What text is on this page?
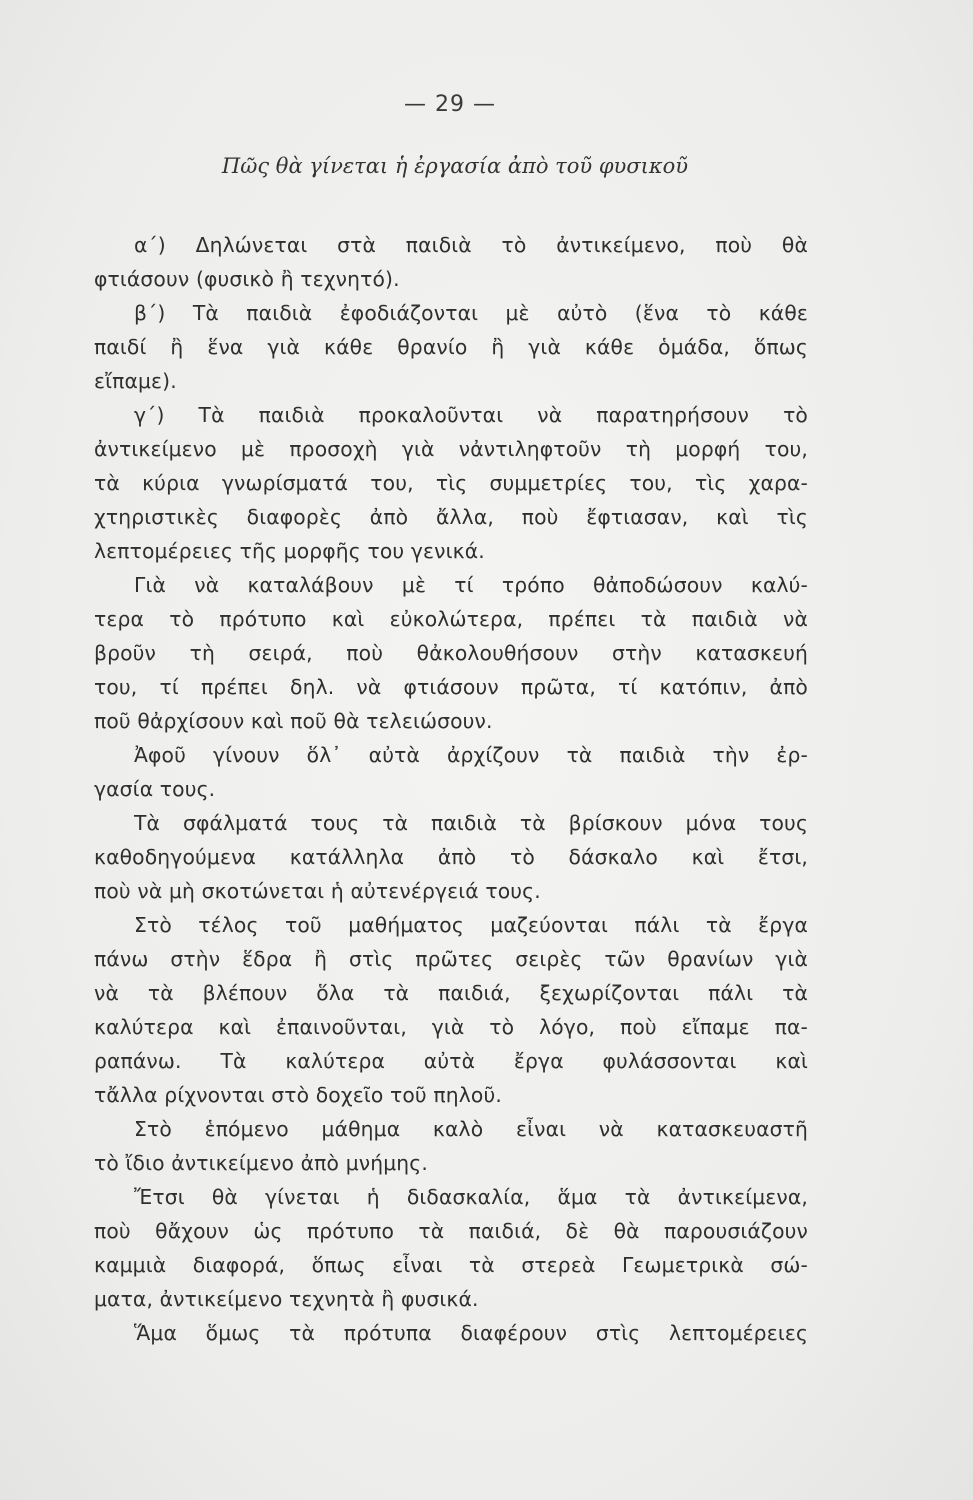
— 29 —
Πῶς θὰ γίνεται ἡ ἐργασία ἀπὸ τοῦ φυσικοῦ
α΄) Δηλώνεται στὰ παιδιὰ τὸ ἀντικείμενο, ποὺ θὰ
φτιάσουν (φυσικὸ ἢ τεχνητό).
β΄) Τὰ παιδιὰ ἐφοδιάζονται μὲ αὐτὸ (ἕνα τὸ κάθε
παιδί ἢ ἕνα γιὰ κάθε θρανίο ἢ γιὰ κάθε ὁμάδα, ὅπως
εἴπαμε).
γ΄) Τὰ παιδιὰ προκαλοῦνται νὰ παρατηρήσουν τὸ
ἀντικείμενο μὲ προσοχὴ γιὰ νἀντιληφτοῦν τὴ μορφή του,
τὰ κύρια γνωρίσματά του, τὶς συμμετρίες του, τὶς χαρα-
χτηριστικὲς διαφορὲς ἀπὸ ἄλλα, ποὺ ἔφτιασαν, καὶ τὶς
λεπτομέρειες τῆς μορφῆς του γενικά.
Γιὰ νὰ καταλάβουν μὲ τί τρόπο θἀποδώσουν καλύ-
τερα τὸ πρότυπο καὶ εὐκολώτερα, πρέπει τὰ παιδιὰ νὰ
βροῦν τὴ σειρά, ποὺ θἀκολουθήσουν στὴν κατασκευή
του, τί πρέπει δηλ. νὰ φτιάσουν πρῶτα, τί κατόπιν, ἀπὸ
ποῦ θἀρχίσουν καὶ ποῦ θὰ τελειώσουν.
Ἀφοῦ γίνουν ὅλ᾽ αὐτὰ ἀρχίζουν τὰ παιδιὰ τὴν ἐρ-
γασία τους.
Τὰ σφάλματά τους τὰ παιδιὰ τὰ βρίσκουν μόνα τους
καθοδηγούμενα κατάλληλα ἀπὸ τὸ δάσκαλο καὶ ἔτσι,
ποὺ νὰ μὴ σκοτώνεται ἡ αὐτενέργειά τους.
Στὸ τέλος τοῦ μαθήματος μαζεύονται πάλι τὰ ἔργα
πάνω στὴν ἕδρα ἢ στὶς πρῶτες σειρὲς τῶν θρανίων γιὰ
νὰ τὰ βλέπουν ὅλα τὰ παιδιά, ξεχωρίζονται πάλι τὰ
καλύτερα καὶ ἐπαινοῦνται, γιὰ τὸ λόγο, ποὺ εἴπαμε πα-
ραπάνω. Τὰ καλύτερα αὐτὰ ἔργα φυλάσσονται καὶ
τἄλλα ρίχνονται στὸ δοχεῖο τοῦ πηλοῦ.
Στὸ ἑπόμενο μάθημα καλὸ εἶναι νὰ κατασκευαστῆ
τὸ ἴδιο ἀντικείμενο ἀπὸ μνήμης.
Ἔτσι θὰ γίνεται ἡ διδασκαλία, ἅμα τὰ ἀντικείμενα,
ποὺ θἄχουν ὡς πρότυπο τὰ παιδιά, δὲ θὰ παρουσιάζουν
καμμιὰ διαφορά, ὅπως εἶναι τὰ στερεὰ Γεωμετρικὰ σώ-
ματα, ἀντικείμενο τεχνητὰ ἢ φυσικά.
Ἅμα ὅμως τὰ πρότυπα διαφέρουν στὶς λεπτομέρειες
